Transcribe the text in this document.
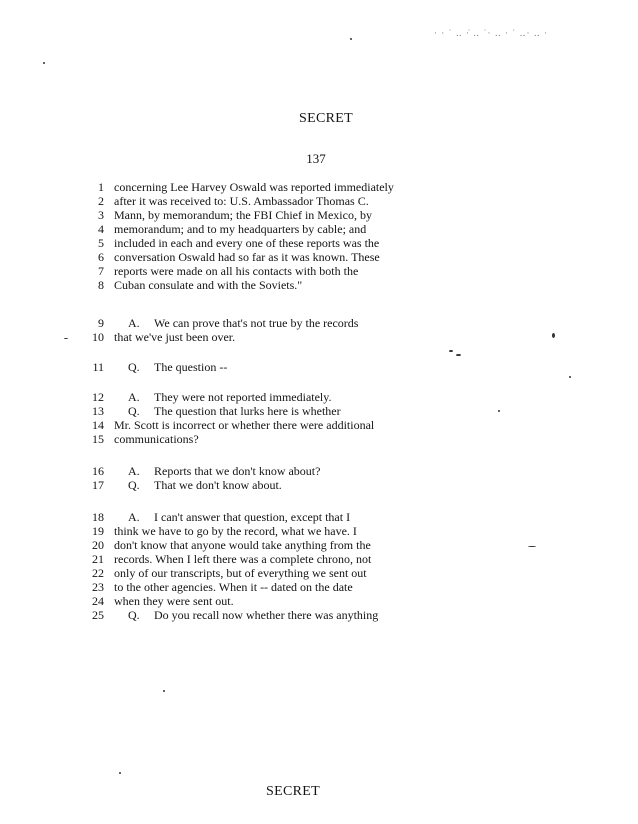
· · ˙ ‥ ·̇ ‥ ˙· ‥ · ˙ ‥· ‥ ·
SECRET
137
1 concerning Lee Harvey Oswald was reported immediately
2 after it was received to: U.S. Ambassador Thomas C.
3 Mann, by memorandum; the FBI Chief in Mexico, by
4 memorandum; and to my headquarters by cable; and
5 included in each and every one of these reports was the
6 conversation Oswald had so far as it was known. These
7 reports were made on all his contacts with both the
8 Cuban consulate and with the Soviets."
9 A. We can prove that's not true by the records
10 that we've just been over.
11 Q. The question --
12 A. They were not reported immediately.
13 Q. The question that lurks here is whether
14 Mr. Scott is incorrect or whether there were additional
15 communications?
16 A. Reports that we don't know about?
17 Q. That we don't know about.
18 A. I can't answer that question, except that I
19 think we have to go by the record, what we have. I
20 don't know that anyone would take anything from the
21 records. When I left there was a complete chrono, not
22 only of our transcripts, but of everything we sent out
23 to the other agencies. When it -- dated on the date
24 when they were sent out.
25 Q. Do you recall now whether there was anything
SECRET
